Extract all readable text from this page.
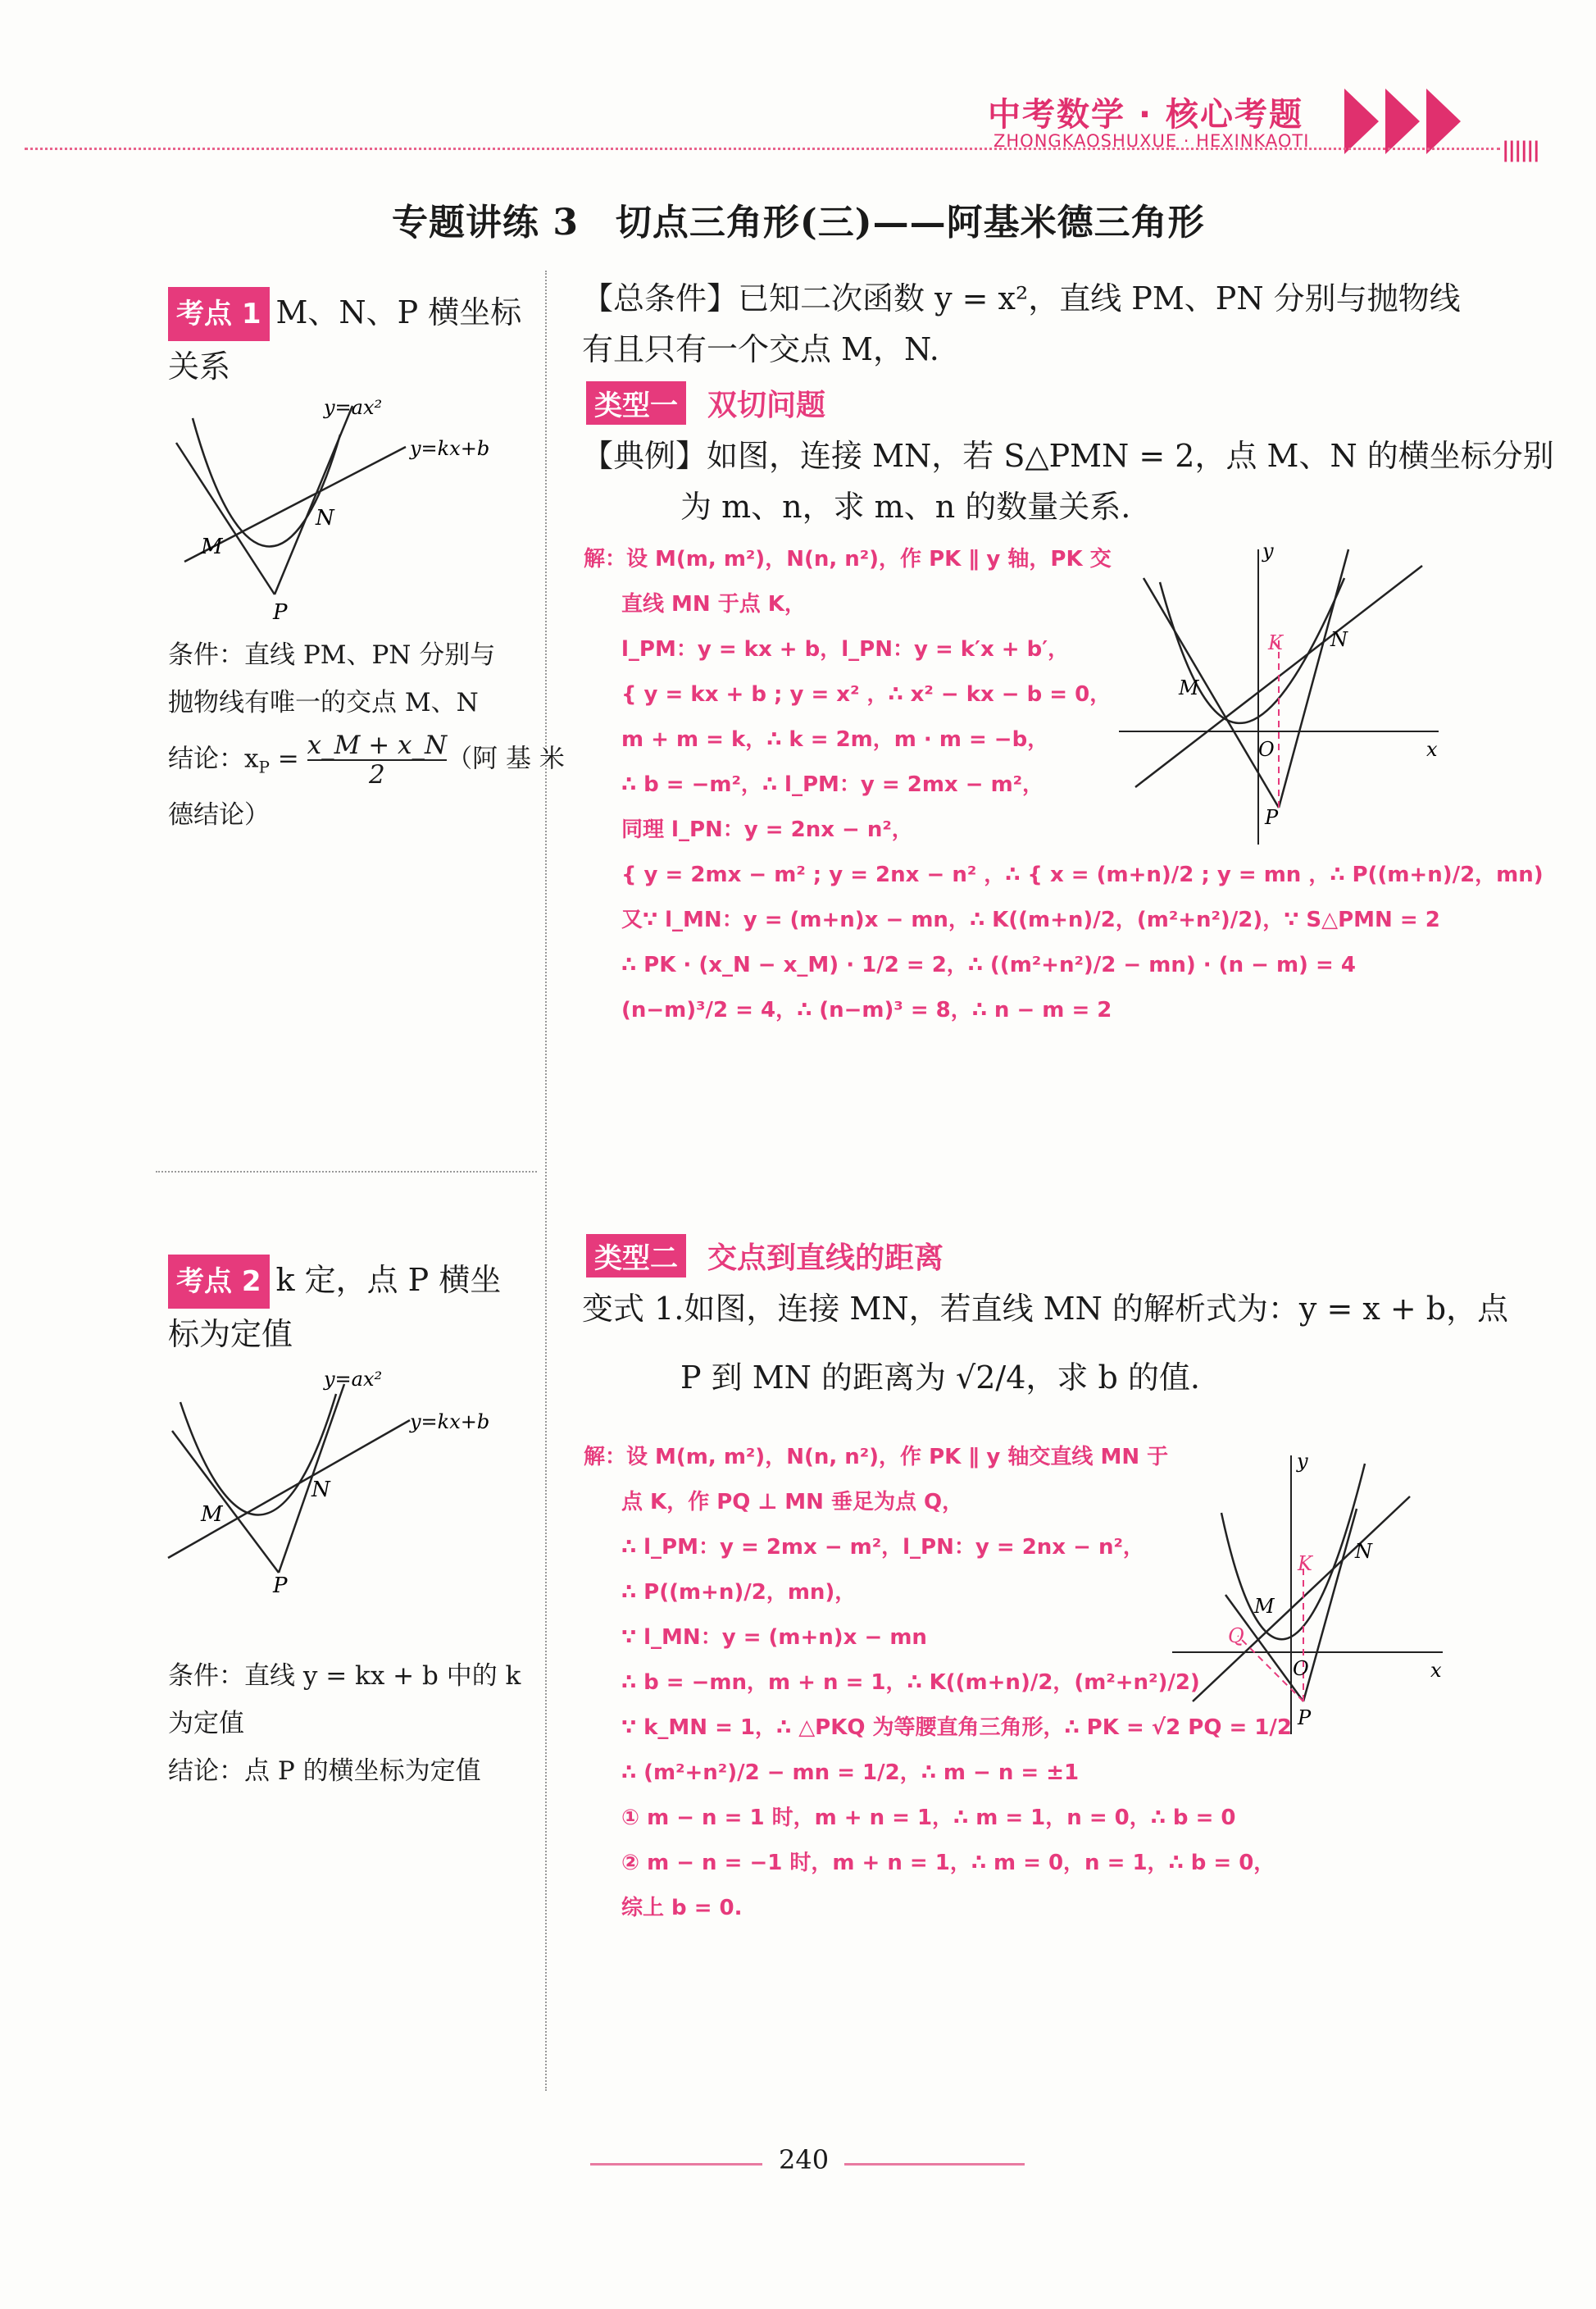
中考数学 · 核心考题
ZHONGKAOSHUXUE · HEXINKAOTI	||||||
专题讲练 3　切点三角形(三)——阿基米德三角形
考点 1 M、N、P 横坐标
关系
y=ax²
y=kx+b
M
N
P
条件：直线 PM、PN 分别与
抛物线有唯一的交点 M、N
结论：$x_P = \frac{x\_M + x\_N}{2}$ （阿 基 米
德结论）
考点 2 k 定，点 P 横坐
标为定值
y=ax²
y=kx+b
M
N
P
条件：直线 y = kx + b 中的 k
为定值
结论：点 P 的横坐标为定值
【总条件】已知二次函数 y = x²，直线 PM、PN 分别与抛物线
有且只有一个交点 M，N.
类型一 双切问题
【典例】如图，连接 MN，若 S△PMN = 2，点 M、N 的横坐标分别
为 m、n，求 m、n 的数量关系.
解：设 M(m, m²)，N(n, n²)，作 PK ∥ y 轴，PK 交
直线 MN 于点 K，
l_PM：y = kx + b，l_PN：y = k′x + b′，
{ y = kx + b ; y = x² ，∴ x² − kx − b = 0，
m + m = k，∴ k = 2m，m · m = −b，
∴ b = −m²，∴ l_PM：y = 2mx − m²，
同理 l_PN：y = 2nx − n²，
{ y = 2mx − m² ; y = 2nx − n² ，∴ { x = (m+n)/2 ; y = mn ，∴ P((m+n)/2，mn)
又∵ l_MN：y = (m+n)x − mn，∴ K((m+n)/2，(m²+n²)/2)，∵ S△PMN = 2
∴ PK · (x_N − x_M) · 1/2 = 2，∴ ((m²+n²)/2 − mn) · (n − m) = 4
(n−m)³/2 = 4，∴ (n−m)³ = 8，∴ n − m = 2
y
x
O
M
N
K
P
类型二 交点到直线的距离
变式 1.如图，连接 MN，若直线 MN 的解析式为：y = x + b，点
P 到 MN 的距离为 √2/4，求 b 的值.
解：设 M(m, m²)，N(n, n²)，作 PK ∥ y 轴交直线 MN 于
点 K，作 PQ ⊥ MN 垂足为点 Q，
∴ l_PM：y = 2mx − m²，l_PN：y = 2nx − n²，
∴ P((m+n)/2，mn)，
∵ l_MN：y = (m+n)x − mn
∴ b = −mn，m + n = 1，∴ K((m+n)/2，(m²+n²)/2)
∵ k_MN = 1，∴ △PKQ 为等腰直角三角形，∴ PK = √2 PQ = 1/2
∴ (m²+n²)/2 − mn = 1/2，∴ m − n = ±1
① m − n = 1 时，m + n = 1，∴ m = 1，n = 0，∴ b = 0
② m − n = −1 时，m + n = 1，∴ m = 0，n = 1，∴ b = 0，
综上 b = 0.
y
x
O
M
N
K
P
Q
240
